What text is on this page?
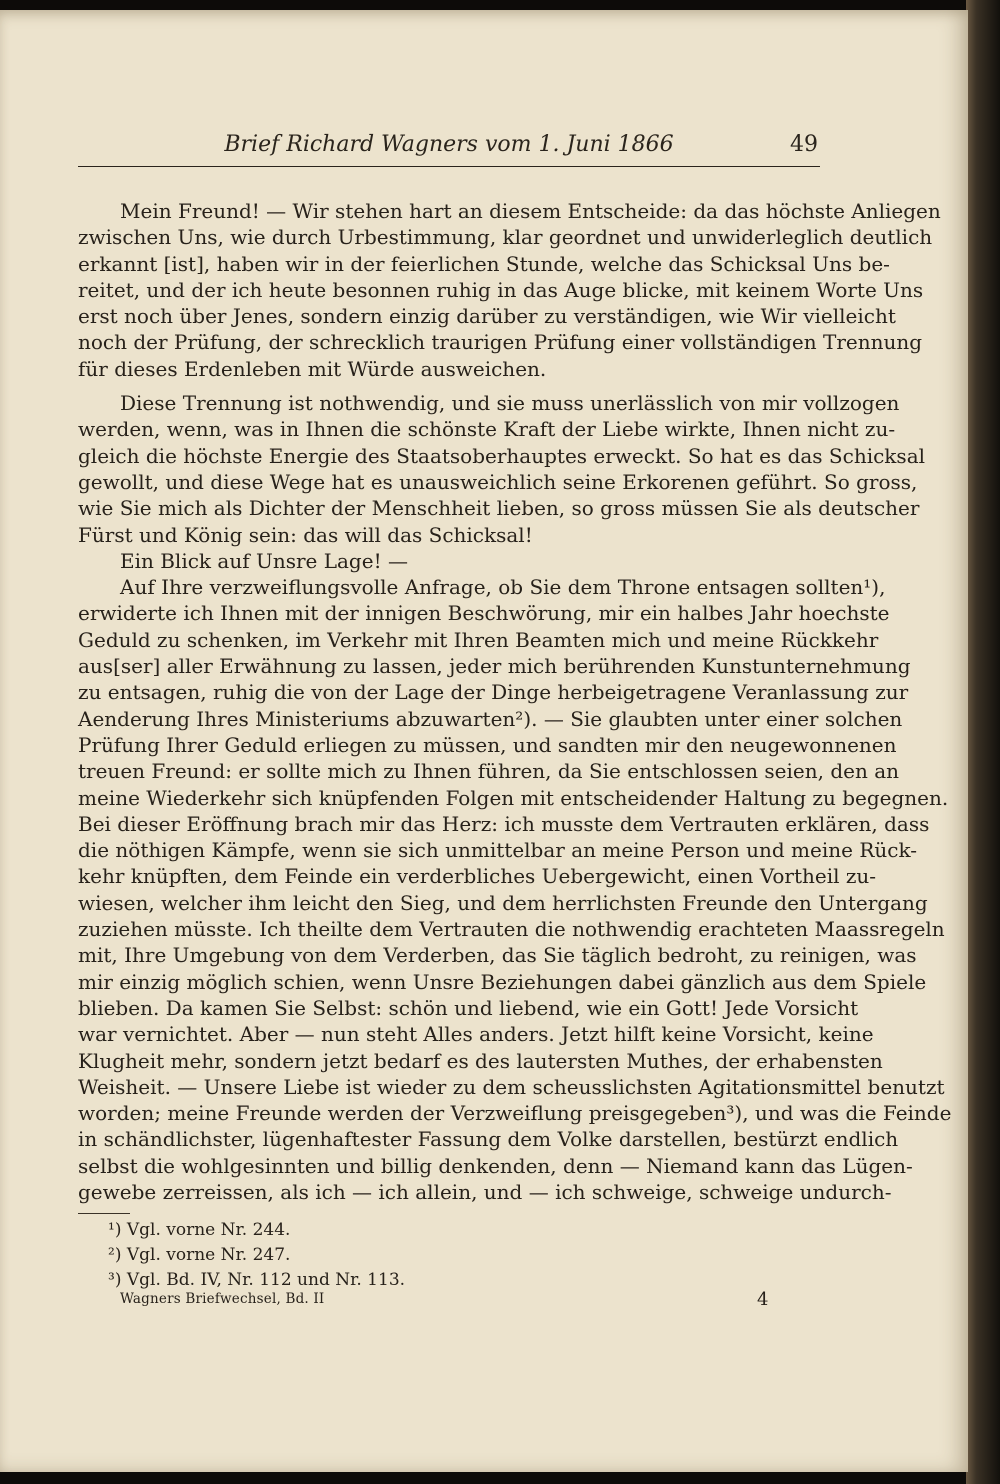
Brief Richard Wagners vom 1. Juni 1866	49
Mein Freund! — Wir stehen hart an diesem Entscheide: da das höchste Anliegen
zwischen Uns, wie durch Urbestimmung, klar geordnet und unwiderleglich deutlich
erkannt [ist], haben wir in der feierlichen Stunde, welche das Schicksal Uns be-
reitet, und der ich heute besonnen ruhig in das Auge blicke, mit keinem Worte Uns
erst noch über Jenes, sondern einzig darüber zu verständigen, wie Wir vielleicht
noch der Prüfung, der schrecklich traurigen Prüfung einer vollständigen Trennung
für dieses Erdenleben mit Würde ausweichen.
Diese Trennung ist nothwendig, und sie muss unerlässlich von mir vollzogen
werden, wenn, was in Ihnen die schönste Kraft der Liebe wirkte, Ihnen nicht zu-
gleich die höchste Energie des Staatsoberhauptes erweckt. So hat es das Schicksal
gewollt, und diese Wege hat es unausweichlich seine Erkorenen geführt. So gross,
wie Sie mich als Dichter der Menschheit lieben, so gross müssen Sie als deutscher
Fürst und König sein: das will das Schicksal!
Ein Blick auf Unsre Lage! —
Auf Ihre verzweiflungsvolle Anfrage, ob Sie dem Throne entsagen sollten¹),
erwiderte ich Ihnen mit der innigen Beschwörung, mir ein halbes Jahr hoechste
Geduld zu schenken, im Verkehr mit Ihren Beamten mich und meine Rückkehr
aus[ser] aller Erwähnung zu lassen, jeder mich berührenden Kunstunternehmung
zu entsagen, ruhig die von der Lage der Dinge herbeigetragene Veranlassung zur
Aenderung Ihres Ministeriums abzuwarten²). — Sie glaubten unter einer solchen
Prüfung Ihrer Geduld erliegen zu müssen, und sandten mir den neugewonnenen
treuen Freund: er sollte mich zu Ihnen führen, da Sie entschlossen seien, den an
meine Wiederkehr sich knüpfenden Folgen mit entscheidender Haltung zu begegnen.
Bei dieser Eröffnung brach mir das Herz: ich musste dem Vertrauten erklären, dass
die nöthigen Kämpfe, wenn sie sich unmittelbar an meine Person und meine Rück-
kehr knüpften, dem Feinde ein verderbliches Uebergewicht, einen Vortheil zu-
wiesen, welcher ihm leicht den Sieg, und dem herrlichsten Freunde den Untergang
zuziehen müsste. Ich theilte dem Vertrauten die nothwendig erachteten Maassregeln
mit, Ihre Umgebung von dem Verderben, das Sie täglich bedroht, zu reinigen, was
mir einzig möglich schien, wenn Unsre Beziehungen dabei gänzlich aus dem Spiele
blieben. Da kamen Sie Selbst: schön und liebend, wie ein Gott! Jede Vorsicht
war vernichtet. Aber — nun steht Alles anders. Jetzt hilft keine Vorsicht, keine
Klugheit mehr, sondern jetzt bedarf es des lautersten Muthes, der erhabensten
Weisheit. — Unsere Liebe ist wieder zu dem scheusslichsten Agitationsmittel benutzt
worden; meine Freunde werden der Verzweiflung preisgegeben³), und was die Feinde
in schändlichster, lügenhaftester Fassung dem Volke darstellen, bestürzt endlich
selbst die wohlgesinnten und billig denkenden, denn — Niemand kann das Lügen-
gewebe zerreissen, als ich — ich allein, und — ich schweige, schweige undurch-
¹) Vgl. vorne Nr. 244.
²) Vgl. vorne Nr. 247.
³) Vgl. Bd. IV, Nr. 112 und Nr. 113.
Wagners Briefwechsel, Bd. II	4
